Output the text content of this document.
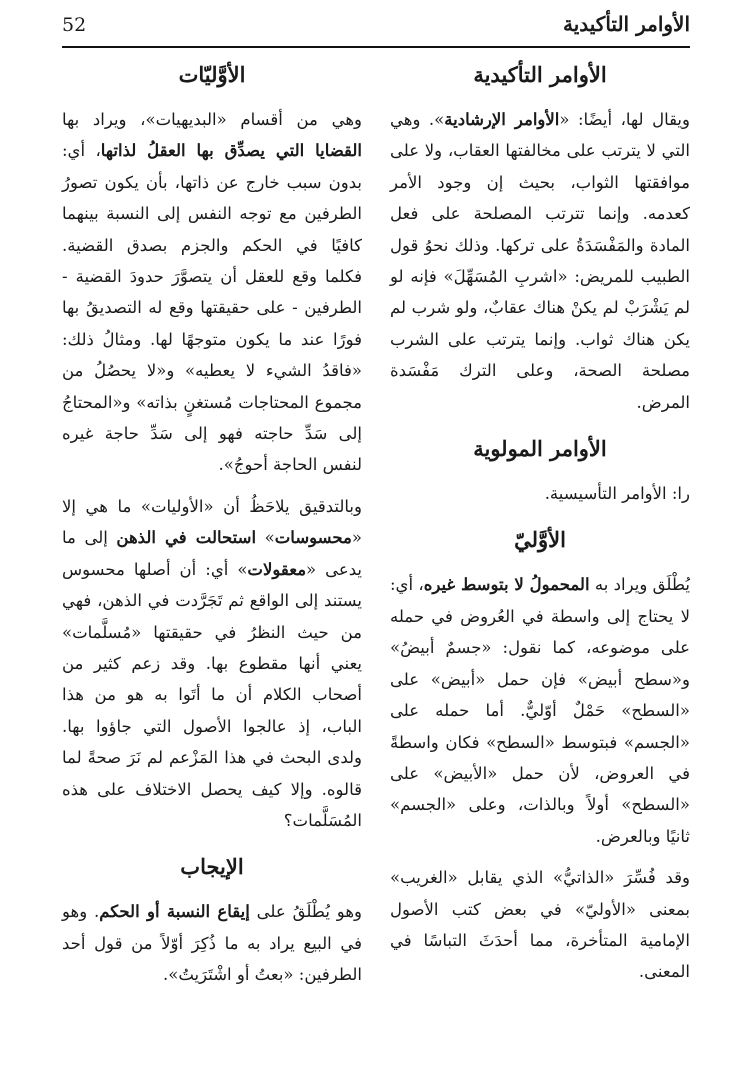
الأوامر التأكيدية
52
الأوامر التأكيدية

ويقال لها، أيضًا: «الأوامر الإرشادية». وهي التي لا يترتب على مخالفتها العقاب، ولا على موافقتها الثواب، بحيث إن وجود الأمر كعدمه. وإنما تترتب المصلحة على فعل المادة والمَفْسَدَةُ على تركها. وذلك نحوُ قول الطبيب للمريض: «اشربِ المُسَهِّلَ» فإنه لو لم يَشْرَبْ لم يكنْ هناك عقابٌ، ولو شرب لم يكن هناك ثواب. وإنما يترتب على الشرب مصلحة الصحة، وعلى الترك مَفْسَدة المرض.

الأوامر المولوية

را: الأوامر التأسيسية.

الأوَّليّ

يُطْلَق ويراد به المحمولُ لا بتوسط غيره، أي: لا يحتاج إلى واسطة في العُروض في حمله على موضوعه، كما نقول: «جسمٌ أبيضُ» و«سطح أبيض» فإن حمل «أبيض» على «السطح» حَمْلٌ أوّليٌّ. أما حمله على «الجسم» فبتوسط «السطح» فكان واسطةً في العروض، لأن حمل «الأبيض» على «السطح» أولاً وبالذات، وعلى «الجسم» ثانيًا وبالعرض.

وقد فُسِّرَ «الذاتيُّ» الذي يقابل «الغريب» بمعنى «الأوليّ» في بعض كتب الأصول الإمامية المتأخرة، مما أحدَثَ التباسًا في المعنى.

الأوَّليّات

وهي من أقسام «البديهيات»، ويراد بها القضايا التي يصدِّق بها العقلُ لذاتها، أي: بدون سبب خارج عن ذاتها، بأن يكون تصورُ الطرفين مع توجه النفس إلى النسبة بينهما كافيًا في الحكم والجزم بصدق القضية. فكلما وقع للعقل أن يتصوَّرَ حدودَ القضية - الطرفين - على حقيقتها وقع له التصديقُ بها فورًا عند ما يكون متوجهًا لها. ومثالُ ذلك: «فاقدُ الشيء لا يعطيه» و«لا يحصُلُ من مجموع المحتاجات مُستغنٍ بذاته» و«المحتاجُ إلى سَدِّ حاجته فهو إلى سَدِّ حاجة غيره لنفس الحاجة أحوجُ».

وبالتدقيق يلاحَظُ أن «الأوليات» ما هي إلا «محسوسات» استحالت في الذهن إلى ما يدعى «معقولات» أي: أن أصلها محسوس يستند إلى الواقع ثم تَجَرَّدت في الذهن، فهي من حيث النظرُ في حقيقتها «مُسلَّمات» يعني أنها مقطوع بها. وقد زعم كثير من أصحاب الكلام أن ما أتَوا به هو من هذا الباب، إذ عالجوا الأصول التي جاؤوا بها. ولدى البحث في هذا المَزْعم لم نَرَ صحةً لما قالوه. وإلا كيف يحصل الاختلاف على هذه المُسَلَّمات؟

الإيجاب

وهو يُطْلَقُ على إيقاع النسبة أو الحكم. وهو في البيع يراد به ما ذُكِرَ أوّلاً من قول أحد الطرفين: «بعتُ أو اشْتَرَيتُ».
